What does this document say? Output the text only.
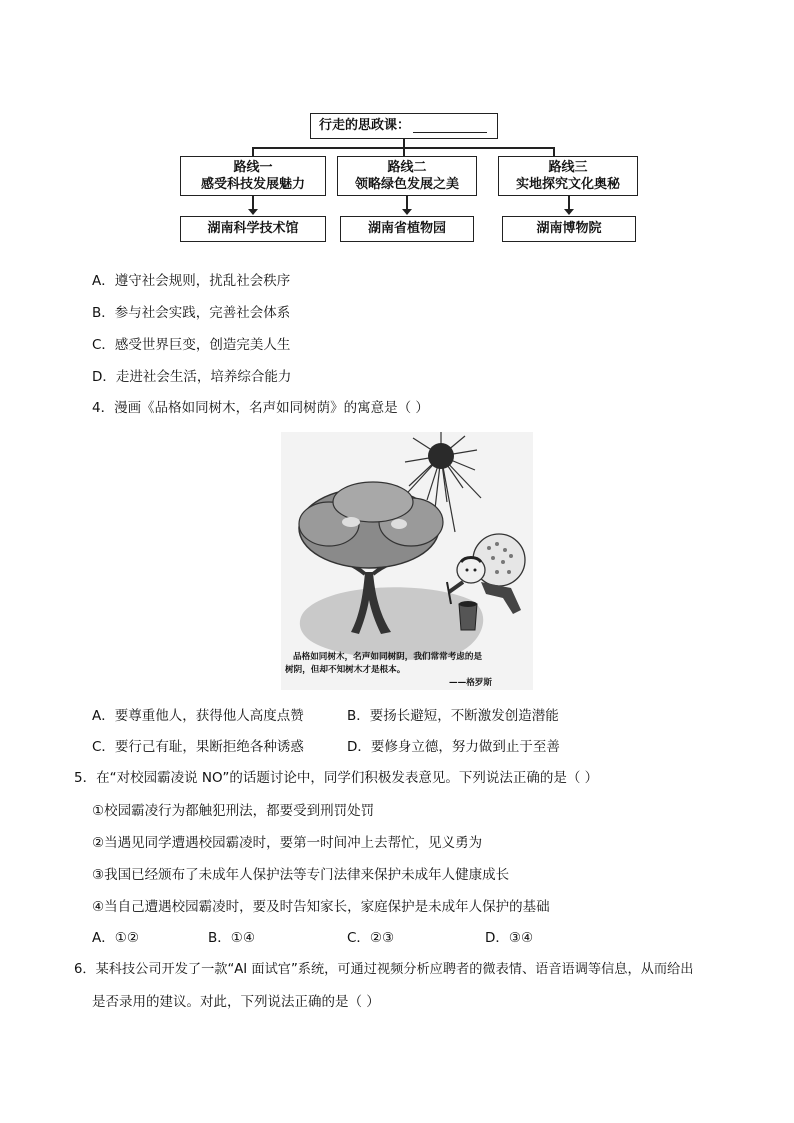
行走的思政课：
路线一
感受科技发展魅力
路线二
领略绿色发展之美
路线三
实地探究文化奥秘
湖南科学技术馆	湖南省植物园	湖南博物院
A．遵守社会规则，扰乱社会秩序
B．参与社会实践，完善社会体系
C．感受世界巨变，创造完美人生
D．走进社会生活，培养综合能力
4．漫画《品格如同树木，名声如同树荫》的寓意是（ ）
品格如同树木，名声如同树阴，我们常常考虑的是
树阴，但却不知树木才是根本。
——格罗斯
A．要尊重他人，获得他人高度点赞	B．要扬长避短，不断激发创造潜能
C．要行己有耻，果断拒绝各种诱惑	D．要修身立德，努力做到止于至善
5．在“对校园霸凌说 NO”的话题讨论中，同学们积极发表意见。下列说法正确的是（ ）
①校园霸凌行为都触犯刑法，都要受到刑罚处罚
②当遇见同学遭遇校园霸凌时，要第一时间冲上去帮忙，见义勇为
③我国已经颁布了未成年人保护法等专门法律来保护未成年人健康成长
④当自己遭遇校园霸凌时，要及时告知家长，家庭保护是未成年人保护的基础
A．①②	B．①④	C．②③	D．③④
6．某科技公司开发了一款“AI 面试官”系统，可通过视频分析应聘者的微表情、语音语调等信息，从而给出
是否录用的建议。对此，下列说法正确的是（ ）
